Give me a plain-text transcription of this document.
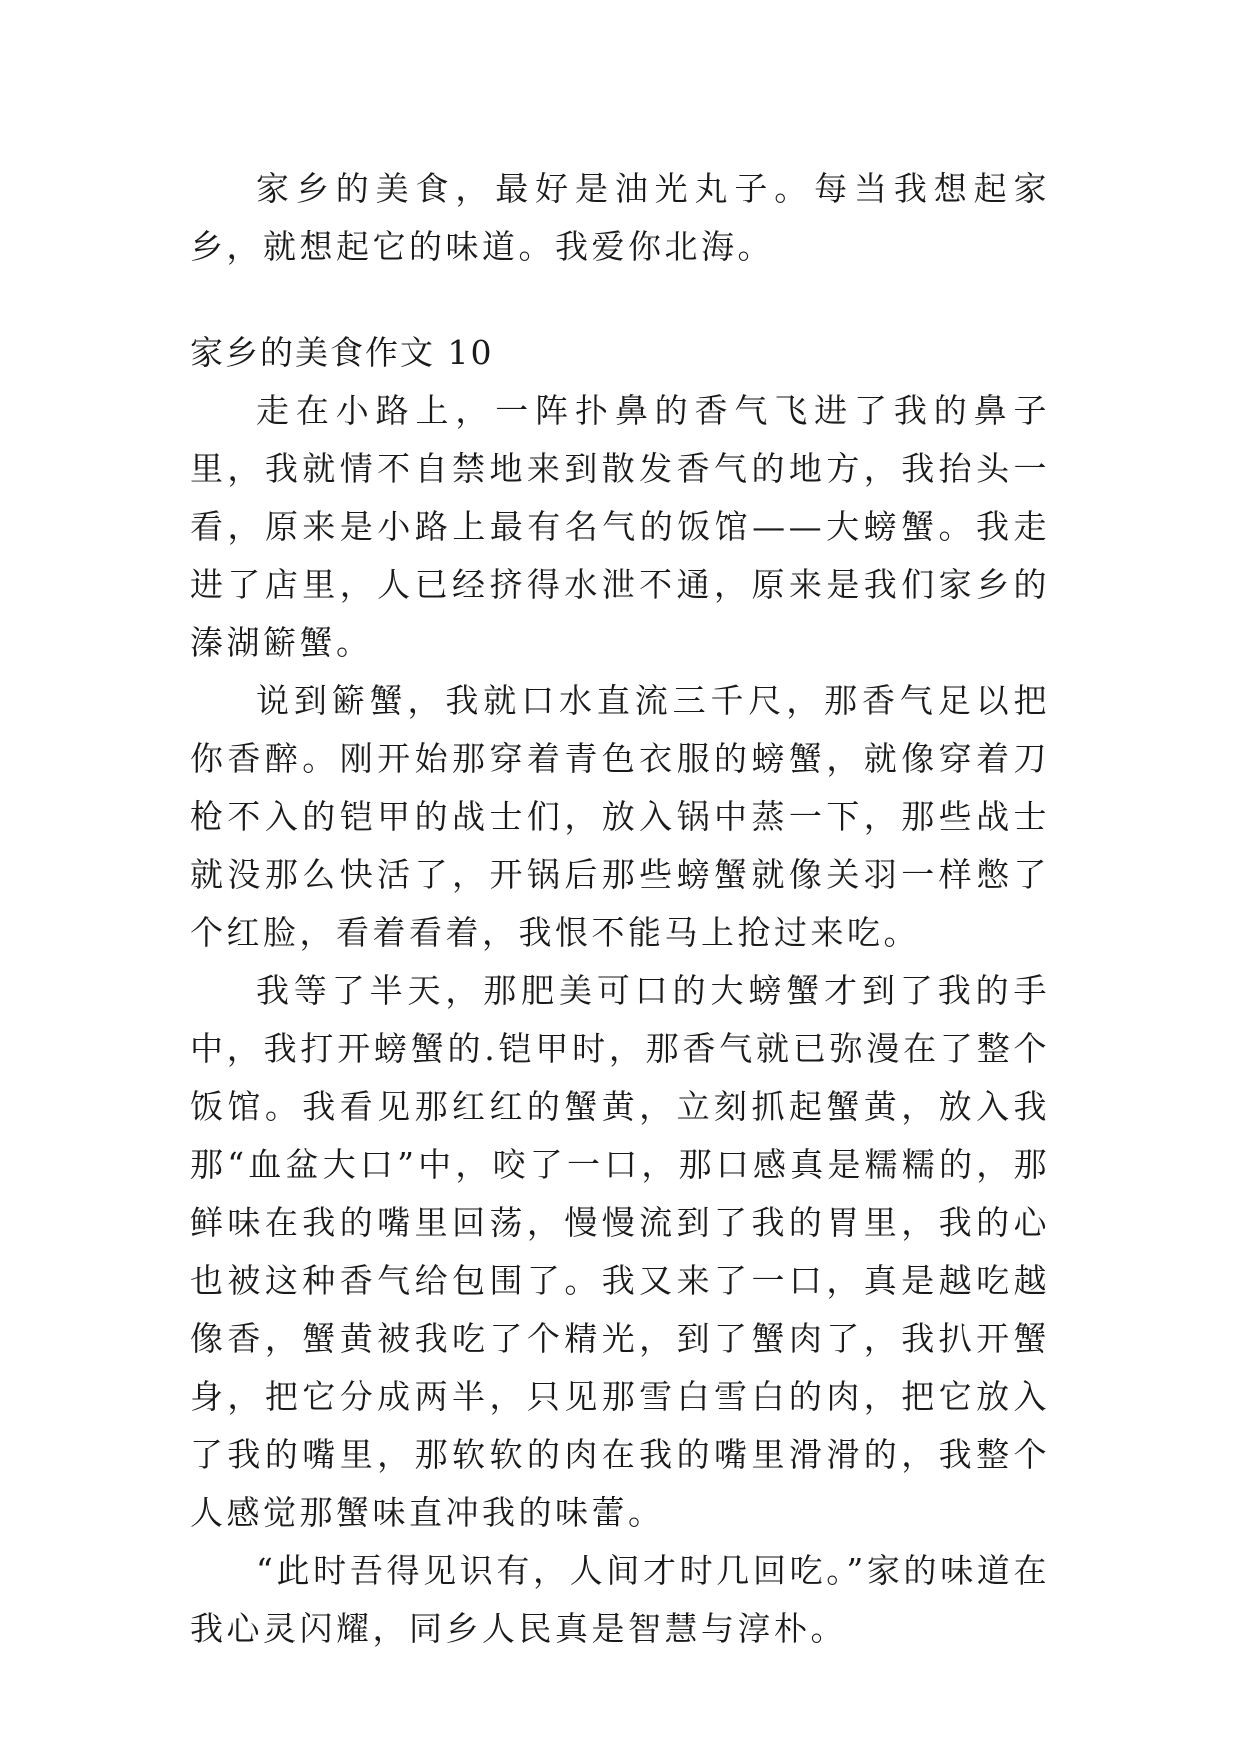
家乡的美食，最好是油光丸子。每当我想起家乡，就想起它的味道。我爱你北海。

家乡的美食作文 10

走在小路上，一阵扑鼻的香气飞进了我的鼻子里，我就情不自禁地来到散发香气的地方，我抬头一看，原来是小路上最有名气的饭馆——大螃蟹。我走进了店里，人已经挤得水泄不通，原来是我们家乡的溱湖簖蟹。

说到簖蟹，我就口水直流三千尺，那香气足以把你香醉。刚开始那穿着青色衣服的螃蟹，就像穿着刀枪不入的铠甲的战士们，放入锅中蒸一下，那些战士就没那么快活了，开锅后那些螃蟹就像关羽一样憋了个红脸，看着看着，我恨不能马上抢过来吃。

我等了半天，那肥美可口的大螃蟹才到了我的手中，我打开螃蟹的.铠甲时，那香气就已弥漫在了整个饭馆。我看见那红红的蟹黄，立刻抓起蟹黄，放入我那“血盆大口”中，咬了一口，那口感真是糯糯的，那鲜味在我的嘴里回荡，慢慢流到了我的胃里，我的心也被这种香气给包围了。我又来了一口，真是越吃越像香，蟹黄被我吃了个精光，到了蟹肉了，我扒开蟹身，把它分成两半，只见那雪白雪白的肉，把它放入了我的嘴里，那软软的肉在我的嘴里滑滑的，我整个人感觉那蟹味直冲我的味蕾。

“此时吾得见识有，人间才时几回吃。”家的味道在我心灵闪耀，同乡人民真是智慧与淳朴。
